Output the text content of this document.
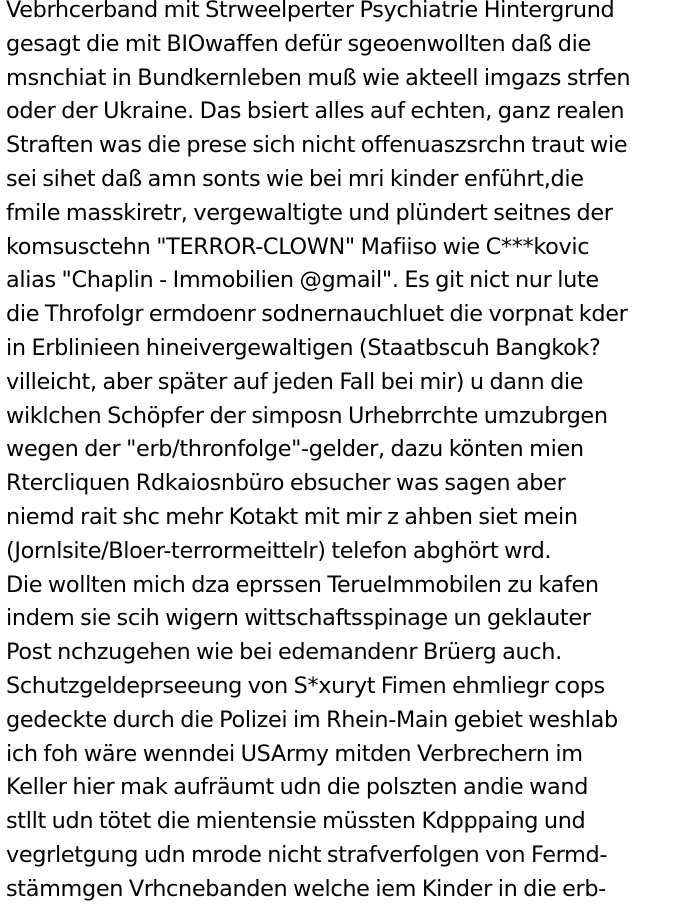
Vebrhcerband mit Strweelperter Psychiatrie Hintergrund
gesagt die mit BIOwaffen defür sgeoenwollten daß die
msnchiat in Bundkernleben muß wie akteell imgazs strfen
oder der Ukraine. Das bsiert alles auf echten, ganz realen
Straften was die prese sich nicht offenuaszsrchn traut wie
sei sihet daß amn sonts wie bei mri kinder enführt,die
fmile masskiretr, vergewaltigte und plündert seitnes der
komsusctehn "TERROR-CLOWN" Mafiiso wie C***kovic
alias "Chaplin - Immobilien @gmail". Es git nict nur lute
die Throfolgr ermdoenr sodnernauchluet die vorpnat kder
in Erblinieen hineivergewaltigen (Staatbscuh Bangkok?
villeicht, aber später auf jeden Fall bei mir) u dann die
wiklchen Schöpfer der simposn Urhebrrchte umzubrgen
wegen der "erb/thronfolge"-gelder, dazu könten mien
Rtercliquen Rdkaiosnbüro ebsucher was sagen aber
niemd rait shc mehr Kotakt mit mir z ahben siet mein
(Jornlsite/Bloer-terrormeittelr) telefon abghört wrd.
Die wollten mich dza eprssen TerueImmobilen zu kafen
indem sie scih wigern wittschaftsspinage un geklauter
Post nchzugehen wie bei edemandenr Brüerg auch.
Schutzgeldeprseeung von S*xuryt Fimen ehmliegr cops
gedeckte durch die Polizei im Rhein-Main gebiet weshlab
ich foh wäre wenndei USArmy mitden Verbrechern im
Keller hier mak aufräumt udn die polszten andie wand
stllt udn tötet die mientensie müssten Kdpppaing und
vegrletgung udn mrode nicht strafverfolgen von Fermd-
stämmgen Vrhcnebanden welche iem Kinder in die erb-
